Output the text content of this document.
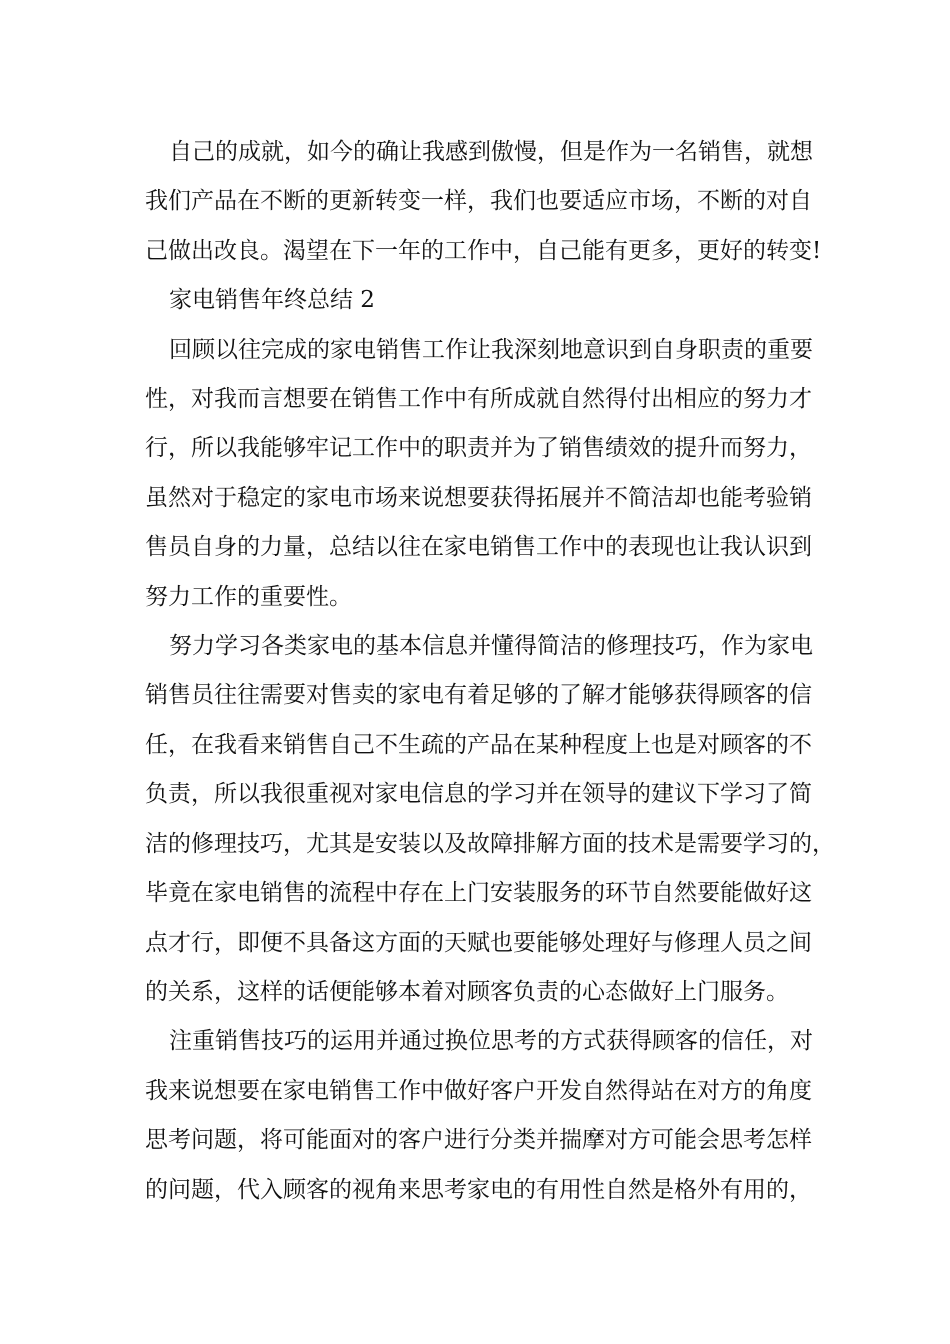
自己的成就，如今的确让我感到傲慢，但是作为一名销售，就想
我们产品在不断的更新转变一样，我们也要适应市场，不断的对自
己做出改良。渴望在下一年的工作中，自己能有更多，更好的转变!

家电销售年终总结 2

回顾以往完成的家电销售工作让我深刻地意识到自身职责的重要
性，对我而言想要在销售工作中有所成就自然得付出相应的努力才
行，所以我能够牢记工作中的职责并为了销售绩效的提升而努力，
虽然对于稳定的家电市场来说想要获得拓展并不简洁却也能考验销
售员自身的力量，总结以往在家电销售工作中的表现也让我认识到
努力工作的重要性。

努力学习各类家电的基本信息并懂得简洁的修理技巧，作为家电
销售员往往需要对售卖的家电有着足够的了解才能够获得顾客的信
任，在我看来销售自己不生疏的产品在某种程度上也是对顾客的不
负责，所以我很重视对家电信息的学习并在领导的建议下学习了简
洁的修理技巧，尤其是安装以及故障排解方面的技术是需要学习的，
毕竟在家电销售的流程中存在上门安装服务的环节自然要能做好这
点才行，即便不具备这方面的天赋也要能够处理好与修理人员之间
的关系，这样的话便能够本着对顾客负责的心态做好上门服务。

注重销售技巧的运用并通过换位思考的方式获得顾客的信任，对
我来说想要在家电销售工作中做好客户开发自然得站在对方的角度
思考问题，将可能面对的客户进行分类并揣摩对方可能会思考怎样
的问题，代入顾客的视角来思考家电的有用性自然是格外有用的，
